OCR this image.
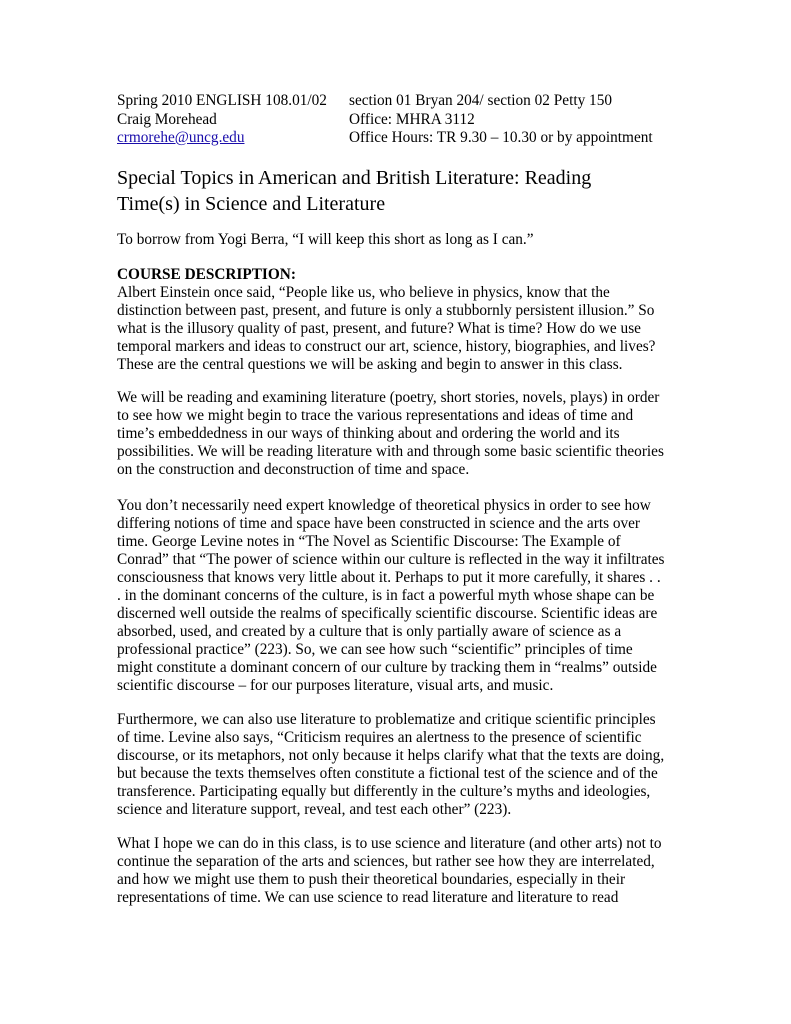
Spring 2010 ENGLISH 108.01/02
Craig Morehead
crmorehe@uncg.edu
section 01 Bryan 204/ section 02 Petty 150
Office: MHRA 3112
Office Hours: TR 9.30 – 10.30 or by appointment
Special Topics in American and British Literature: Reading
Time(s) in Science and Literature
To borrow from Yogi Berra, “I will keep this short as long as I can.”
COURSE DESCRIPTION:
Albert Einstein once said, “People like us, who believe in physics, know that the
distinction between past, present, and future is only a stubbornly persistent illusion.” So
what is the illusory quality of past, present, and future? What is time? How do we use
temporal markers and ideas to construct our art, science, history, biographies, and lives?
These are the central questions we will be asking and begin to answer in this class.
We will be reading and examining literature (poetry, short stories, novels, plays) in order
to see how we might begin to trace the various representations and ideas of time and
time’s embeddedness in our ways of thinking about and ordering the world and its
possibilities. We will be reading literature with and through some basic scientific theories
on the construction and deconstruction of time and space.
You don’t necessarily need expert knowledge of theoretical physics in order to see how
differing notions of time and space have been constructed in science and the arts over
time. George Levine notes in “The Novel as Scientific Discourse: The Example of
Conrad” that “The power of science within our culture is reflected in the way it infiltrates
consciousness that knows very little about it. Perhaps to put it more carefully, it shares . .
. in the dominant concerns of the culture, is in fact a powerful myth whose shape can be
discerned well outside the realms of specifically scientific discourse. Scientific ideas are
absorbed, used, and created by a culture that is only partially aware of science as a
professional practice” (223). So, we can see how such “scientific” principles of time
might constitute a dominant concern of our culture by tracking them in “realms” outside
scientific discourse – for our purposes literature, visual arts, and music.
Furthermore, we can also use literature to problematize and critique scientific principles
of time. Levine also says, “Criticism requires an alertness to the presence of scientific
discourse, or its metaphors, not only because it helps clarify what that the texts are doing,
but because the texts themselves often constitute a fictional test of the science and of the
transference. Participating equally but differently in the culture’s myths and ideologies,
science and literature support, reveal, and test each other” (223).
What I hope we can do in this class, is to use science and literature (and other arts) not to
continue the separation of the arts and sciences, but rather see how they are interrelated,
and how we might use them to push their theoretical boundaries, especially in their
representations of time. We can use science to read literature and literature to read
